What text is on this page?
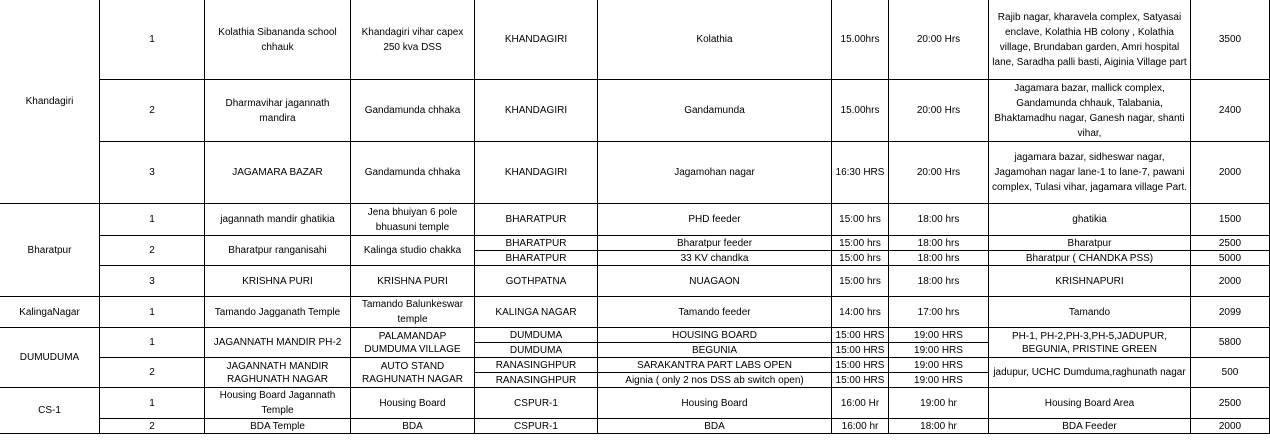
Khandagiri	1	Kolathia Sibananda school chhauk	Khandagiri vihar capex 250 kva DSS	KHANDAGIRI	Kolathia	15.00hrs	20:00 Hrs	Rajib nagar, kharavela complex, Satyasai enclave, Kolathia HB colony , Kolathia village, Brundaban garden, Amri hospital lane, Saradha palli basti, Aiginia Village part	3500
	2	Dharmavihar jagannath mandira	Gandamunda chhaka	KHANDAGIRI	Gandamunda	15.00hrs	20:00 Hrs	Jagamara bazar, mallick complex, Gandamunda chhauk, Talabania, Bhaktamadhu nagar, Ganesh nagar, shanti vihar,	2400
	3	JAGAMARA BAZAR	Gandamunda chhaka	KHANDAGIRI	Jagamohan nagar	16:30 HRS	20:00 Hrs	jagamara bazar, sidheswar nagar, Jagamohan nagar lane-1 to lane-7, pawani complex, Tulasi vihar, jagamara village Part.	2000
Bharatpur	1	jagannath mandir ghatikia	Jena bhuiyan 6 pole bhuasuni temple	BHARATPUR	PHD feeder	15:00 hrs	18:00 hrs	ghatikia	1500
	2	Bharatpur ranganisahi	Kalinga studio chakka	BHARATPUR	Bharatpur feeder	15:00 hrs	18:00 hrs	Bharatpur	2500
				BHARATPUR	33 KV chandka	15:00 hrs	18:00 hrs	Bharatpur ( CHANDKA PSS)	5000
	3	KRISHNA PURI	KRISHNA PURI	GOTHPATNA	NUAGAON	15:00 hrs	18:00 hrs	KRISHNAPURI	2000
KalingaNagar	1	Tamando Jagganath Temple	Tamando Balunkeswar temple	KALINGA NAGAR	Tamando feeder	14:00 hrs	17:00 hrs	Tamando	2099
DUMUDUMA	1	JAGANNATH MANDIR PH-2	PALAMANDAP DUMDUMA VILLAGE	DUMDUMA	HOUSING BOARD	15:00 HRS	19:00 HRS	PH-1, PH-2,PH-3,PH-5,JADUPUR, BEGUNIA, PRISTINE GREEN	5800
				DUMDUMA	BEGUNIA	15:00 HRS	19:00 HRS		
	2	JAGANNATH MANDIR RAGHUNATH NAGAR	AUTO STAND RAGHUNATH NAGAR	RANASINGHPUR	SARAKANTRA PART LABS OPEN	15:00 HRS	19:00 HRS	jadupur, UCHC Dumduma,raghunath nagar	500
				RANASINGHPUR	Aignia ( only 2 nos DSS ab switch open)	15:00 HRS	19:00 HRS		
CS-1	1	Housing Board Jagannath Temple	Housing Board	CSPUR-1	Housing Board	16:00 Hr	19:00 hr	Housing Board Area	2500
	2	BDA Temple	BDA	CSPUR-1	BDA	16:00 hr	18:00 hr	BDA Feeder	2000
